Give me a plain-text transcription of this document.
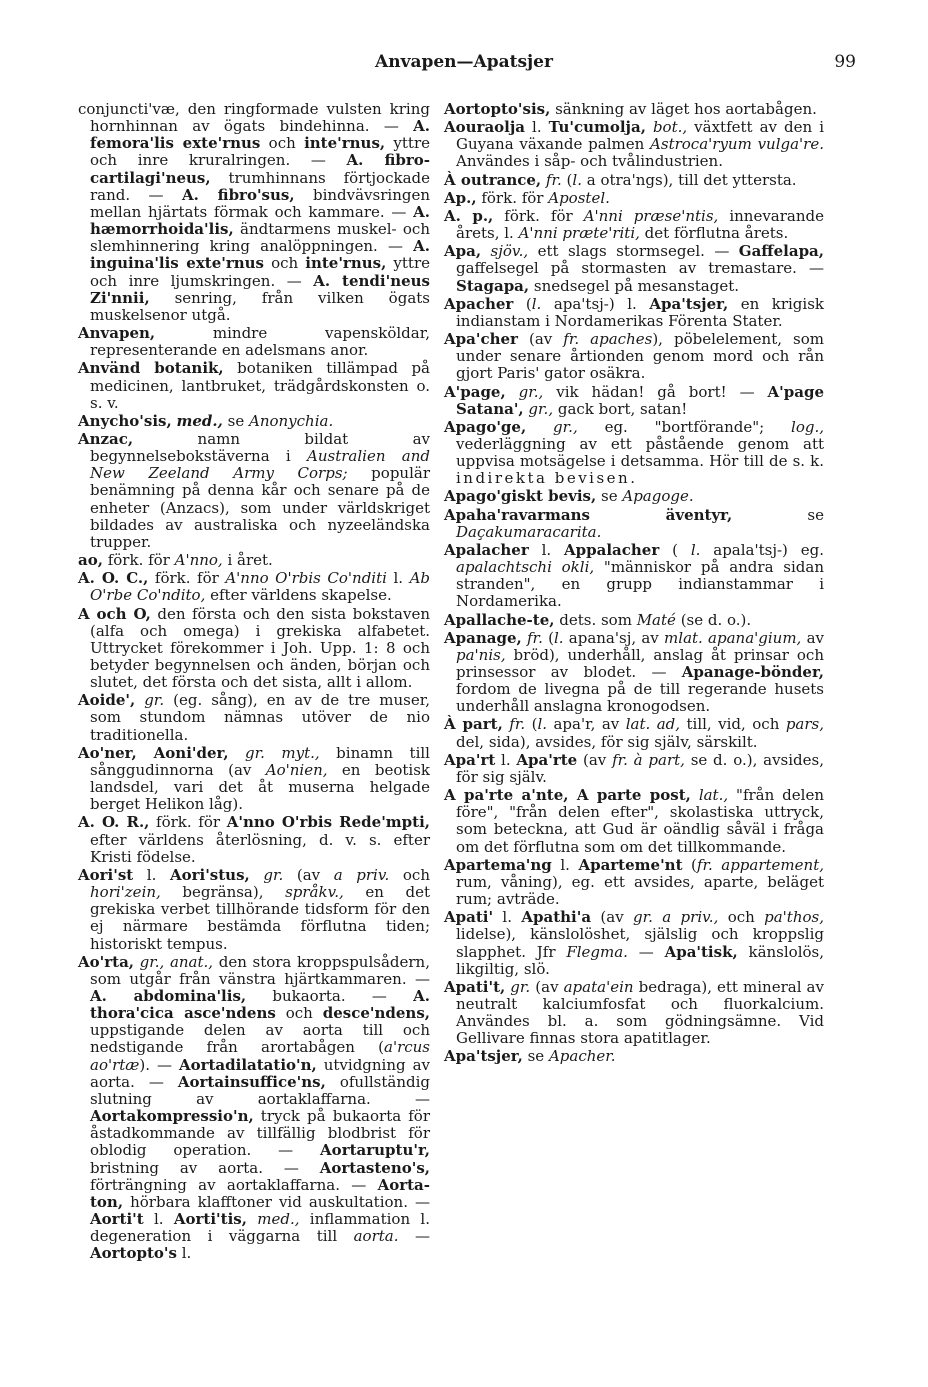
Anvapen—Apatsjer	99

conjuncti'væ, den ringformade vulsten kring hornhinnan av ögats bindehinna. — A. femora'lis exte'rnus och inte'rnus, yttre och inre kruralringen. — A. fibro-cartilagi'neus, trumhinnans förtjockade rand. — A. fibro'sus, bindvävsringen mellan hjärtats förmak och kammare. — A. hæmorrhoida'lis, ändtarmens muskel- och slemhinnering kring analöppningen. — A. inguina'lis exte'rnus och inte'rnus, yttre och inre ljumskringen. — A. tendi'neus Zi'nnii, senring, från vilken ögats muskelsenor utgå.

Anvapen, mindre vapensköldar, representerande en adelsmans anor.

Använd botanik, botaniken tillämpad på medicinen, lantbruket, trädgårdskonsten o. s. v.

Anycho'sis, med., se Anonychia.

Anzac, namn bildat av begynnelsebokstäverna i Australien and New Zeeland Army Corps; populär benämning på denna kår och senare på de enheter (Anzacs), som under världskriget bildades av australiska och nyzeeländska trupper.

ao, förk. för A'nno, i året.

A. O. C., förk. för A'nno O'rbis Co'nditi l. Ab O'rbe Co'ndito, efter världens skapelse.

A och O, den första och den sista bokstaven (alfa och omega) i grekiska alfabetet. Uttrycket förekommer i Joh. Upp. 1: 8 och betyder begynnelsen och änden, början och slutet, det första och det sista, allt i allom.

Aoide', gr. (eg. sång), en av de tre muser, som stundom nämnas utöver de nio traditionella.

Ao'ner, Aoni'der, gr. myt., binamn till sånggudinnorna (av Ao'nien, en beotisk landsdel, vari det åt muserna helgade berget Helikon låg).

A. O. R., förk. för A'nno O'rbis Rede'mpti, efter världens återlösning, d. v. s. efter Kristi födelse.

Aori'st l. Aori'stus, gr. (av a priv. och hori'zein, begränsa), språkv., en det grekiska verbet tillhörande tidsform för den ej närmare bestämda förflutna tiden; historiskt tempus.

Ao'rta, gr., anat., den stora kroppspulsådern, som utgår från vänstra hjärtkammaren. — A. abdomina'lis, bukaorta. — A. thora'cica asce'ndens och desce'ndens, uppstigande delen av aorta till och nedstigande från arortabågen (a'rcus ao'rtæ). — Aortadilatatio'n, utvidgning av aorta. — Aortainsuffice'ns, ofullständig slutning av aortaklaffarna. — Aortakompressio'n, tryck på bukaorta för åstadkommande av tillfällig blodbrist för oblodig operation. — Aortaruptu'r, bristning av aorta. — Aortasteno's, förträngning av aortaklaffarna. — Aorta-ton, hörbara klafftoner vid auskultation. — Aorti't l. Aorti'tis, med., inflammation l. degeneration i väggarna till aorta. — Aortopto's l.

Aortopto'sis, sänkning av läget hos aortabågen.

Aouraolja l. Tu'cumolja, bot., växtfett av den i Guyana växande palmen Astroca'ryum vulga're. Användes i såp- och tvålindustrien.

À outrance, fr. (l. a otra'ngs), till det yttersta.

Ap., förk. för Apostel.

A. p., förk. för A'nni præse'ntis, innevarande årets, l. A'nni præte'riti, det förflutna årets.

Apa, sjöv., ett slags stormsegel. — Gaffelapa, gaffelsegel på stormasten av tremastare. — Stagapa, snedsegel på mesanstaget.

Apacher (l. apa'tsj-) l. Apa'tsjer, en krigisk indianstam i Nordamerikas Förenta Stater.

Apa'cher (av fr. apaches), pöbelelement, som under senare årtionden genom mord och rån gjort Paris' gator osäkra.

A'page, gr., vik hädan! gå bort! — A'page Satana', gr., gack bort, satan!

Apago'ge, gr., eg. "bortförande"; log., vederläggning av ett påstående genom att uppvisa motsägelse i detsamma. Hör till de s. k. indirekta bevisen.

Apago'giskt bevis, se Apagoge.

Apaha'ravarmans äventyr, se Daçakumaracarita.

Apalacher l. Appalacher ( l. apala'tsj-) eg. apalachtschi okli, "människor på andra sidan stranden", en grupp indianstammar i Nordamerika.

Apallache-te, dets. som Maté (se d. o.).

Apanage, fr. (l. apana'sj, av mlat. apana'gium, av pa'nis, bröd), underhåll, anslag åt prinsar och prinsessor av blodet. — Apanage-bönder, fordom de livegna på de till regerande husets underhåll anslagna kronogodsen.

À part, fr. (l. apa'r, av lat. ad, till, vid, och pars, del, sida), avsides, för sig själv, särskilt.

Apa'rt l. Apa'rte (av fr. à part, se d. o.), avsides, för sig själv.

A pa'rte a'nte, A parte post, lat., "från delen före", "från delen efter", skolastiska uttryck, som beteckna, att Gud är oändlig såväl i fråga om det förflutna som om det tillkommande.

Apartema'ng l. Aparteme'nt (fr. appartement, rum, våning), eg. ett avsides, aparte, beläget rum; avträde.

Apati' l. Apathi'a (av gr. a priv., och pa'thos, lidelse), känslolöshet, själslig och kroppslig slapphet. Jfr Flegma. — Apa'tisk, känslolös, likgiltig, slö.

Apati't, gr. (av apata'ein bedraga), ett mineral av neutralt kalciumfosfat och fluorkalcium. Användes bl. a. som gödningsämne. Vid Gellivare finnas stora apatitlager.

Apa'tsjer, se Apacher.
